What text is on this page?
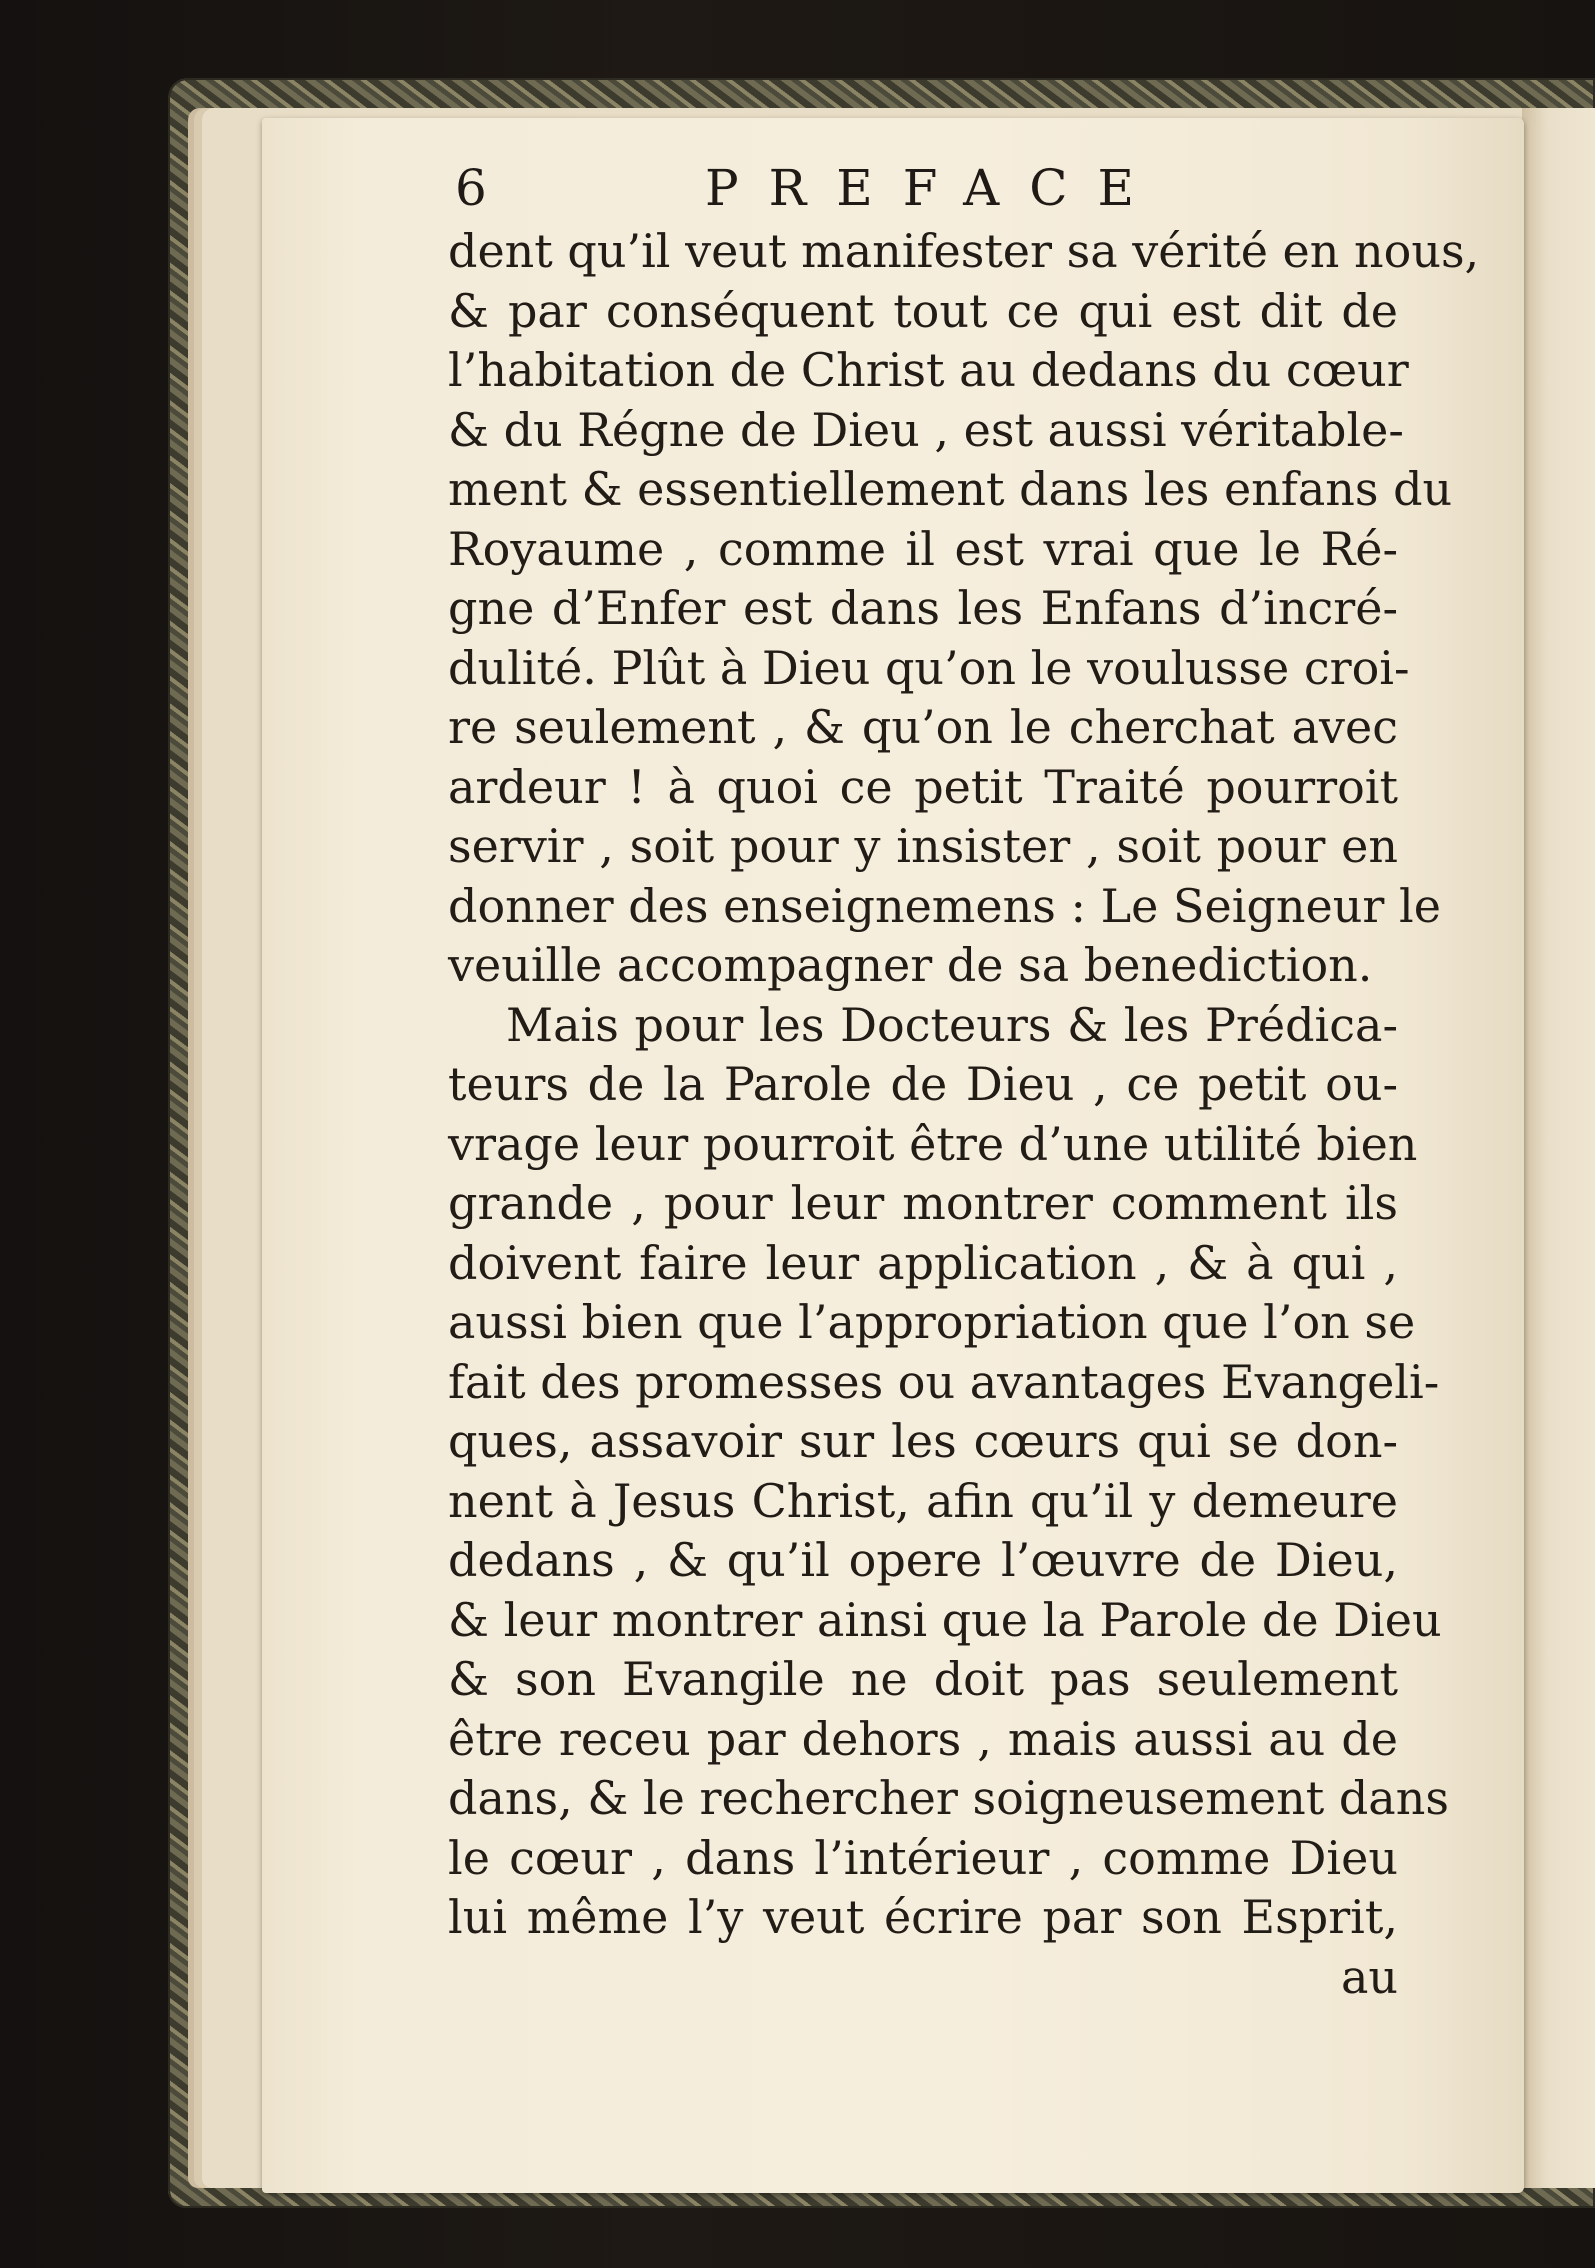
6	PREFACE
dent qu’il veut manifester sa vérité en nous,
& par conséquent tout ce qui est dit de
l’habitation de Christ au dedans du cœur
& du Régne de Dieu , est aussi véritable-
ment & essentiellement dans les enfans du
Royaume , comme il est vrai que le Ré-
gne d’Enfer est dans les Enfans d’incré-
dulité. Plût à Dieu qu’on le voulusse croi-
re seulement , & qu’on le cherchat avec
ardeur ! à quoi ce petit Traité pourroit
servir , soit pour y insister , soit pour en
donner des enseignemens : Le Seigneur le
veuille accompagner de sa benediction.
Mais pour les Docteurs & les Prédica-
teurs de la Parole de Dieu , ce petit ou-
vrage leur pourroit être d’une utilité bien
grande , pour leur montrer comment ils
doivent faire leur application , & à qui ,
aussi bien que l’appropriation que l’on se
fait des promesses ou avantages Evangeli-
ques, assavoir sur les cœurs qui se don-
nent à Jesus Christ, afin qu’il y demeure
dedans , & qu’il opere l’œuvre de Dieu,
& leur montrer ainsi que la Parole de Dieu
& son Evangile ne doit pas seulement
être receu par dehors , mais aussi au de
dans, & le rechercher soigneusement dans
le cœur , dans l’intérieur , comme Dieu
lui même l’y veut écrire par son Esprit,
au
